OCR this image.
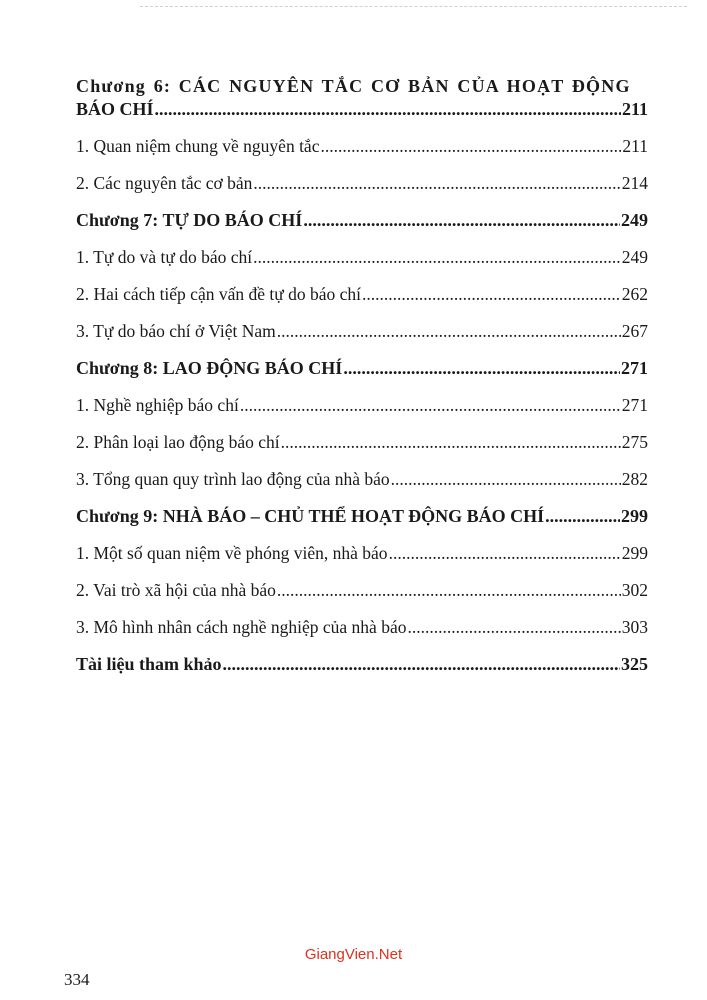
Chương 6: CÁC NGUYÊN TẮC CƠ BẢN CỦA HOẠT ĐỘNG
BÁO CHÍ .....	211
1. Quan niệm chung về nguyên tắc .....	211
2. Các nguyên tắc cơ bản .....	214
Chương 7: TỰ DO BÁO CHÍ .....	249
1. Tự do và tự do báo chí .....	249
2. Hai cách tiếp cận vấn đề tự do báo chí .....	262
3. Tự do báo chí ở Việt Nam .....	267
Chương 8: LAO ĐỘNG BÁO CHÍ .....	271
1. Nghề nghiệp báo chí .....	271
2. Phân loại lao động báo chí .....	275
3. Tổng quan quy trình lao động của nhà báo .....	282
Chương 9: NHÀ BÁO – CHỦ THỂ HOẠT ĐỘNG BÁO CHÍ .....	299
1. Một số quan niệm về phóng viên, nhà báo .....	299
2. Vai trò xã hội của nhà báo .....	302
3. Mô hình nhân cách nghề nghiệp của nhà báo .....	303
Tài liệu tham khảo .....	325
GiangVien.Net
334
